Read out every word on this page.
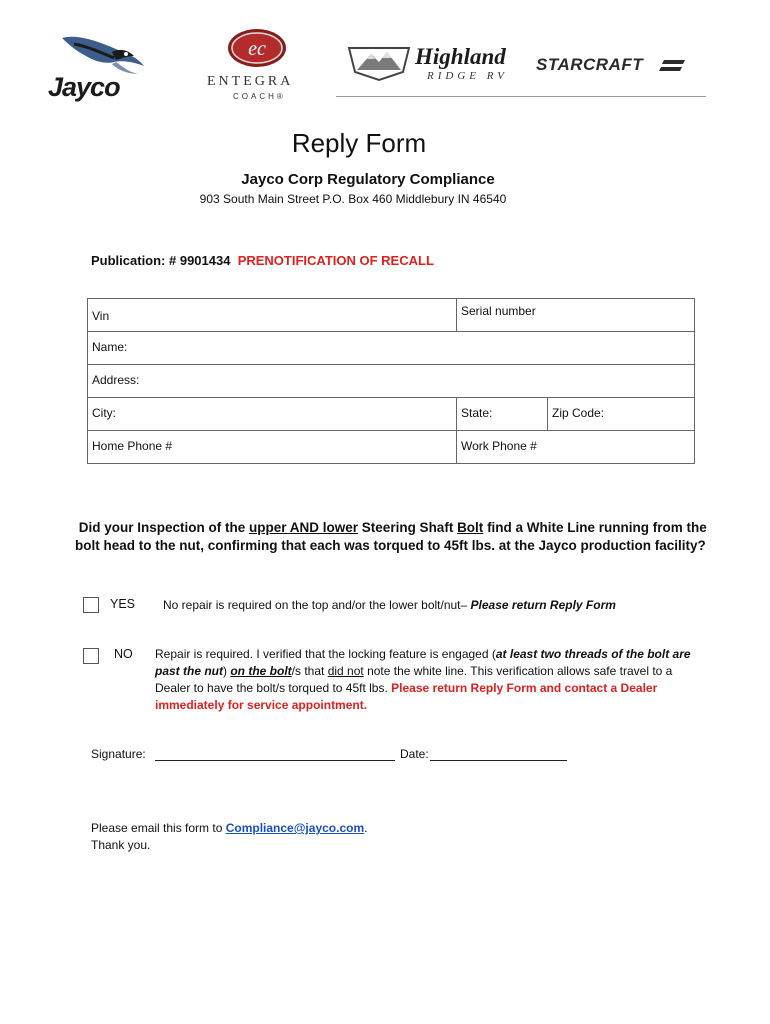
Jayco
ec
ENTEGRA
COACH®
Highland
RIDGE RV
STARCRAFT
Reply Form
Jayco Corp Regulatory Compliance
903 South Main Street P.O. Box 460 Middlebury IN 46540
Publication: # 9901434 PRENOTIFICATION OF RECALL
Vin	Serial number	
Name:		
Address:		
City:	State:	Zip Code:
Home Phone #	Work Phone #	
Did your Inspection of the upper AND lower Steering Shaft Bolt find a White Line running from the bolt head to the nut, confirming that each was torqued to 45ft lbs. at the Jayco production facility?
YES No repair is required on the top and/or the lower bolt/nut– Please return Reply Form
NO Repair is required. I verified that the locking feature is engaged (at least two threads of the bolt are past the nut) on the bolt/s that did not note the white line. This verification allows safe travel to a Dealer to have the bolt/s torqued to 45ft lbs. Please return Reply Form and contact a Dealer immediately for service appointment.
Signature:	Date:
Please email this form to Compliance@jayco.com.
Thank you.
